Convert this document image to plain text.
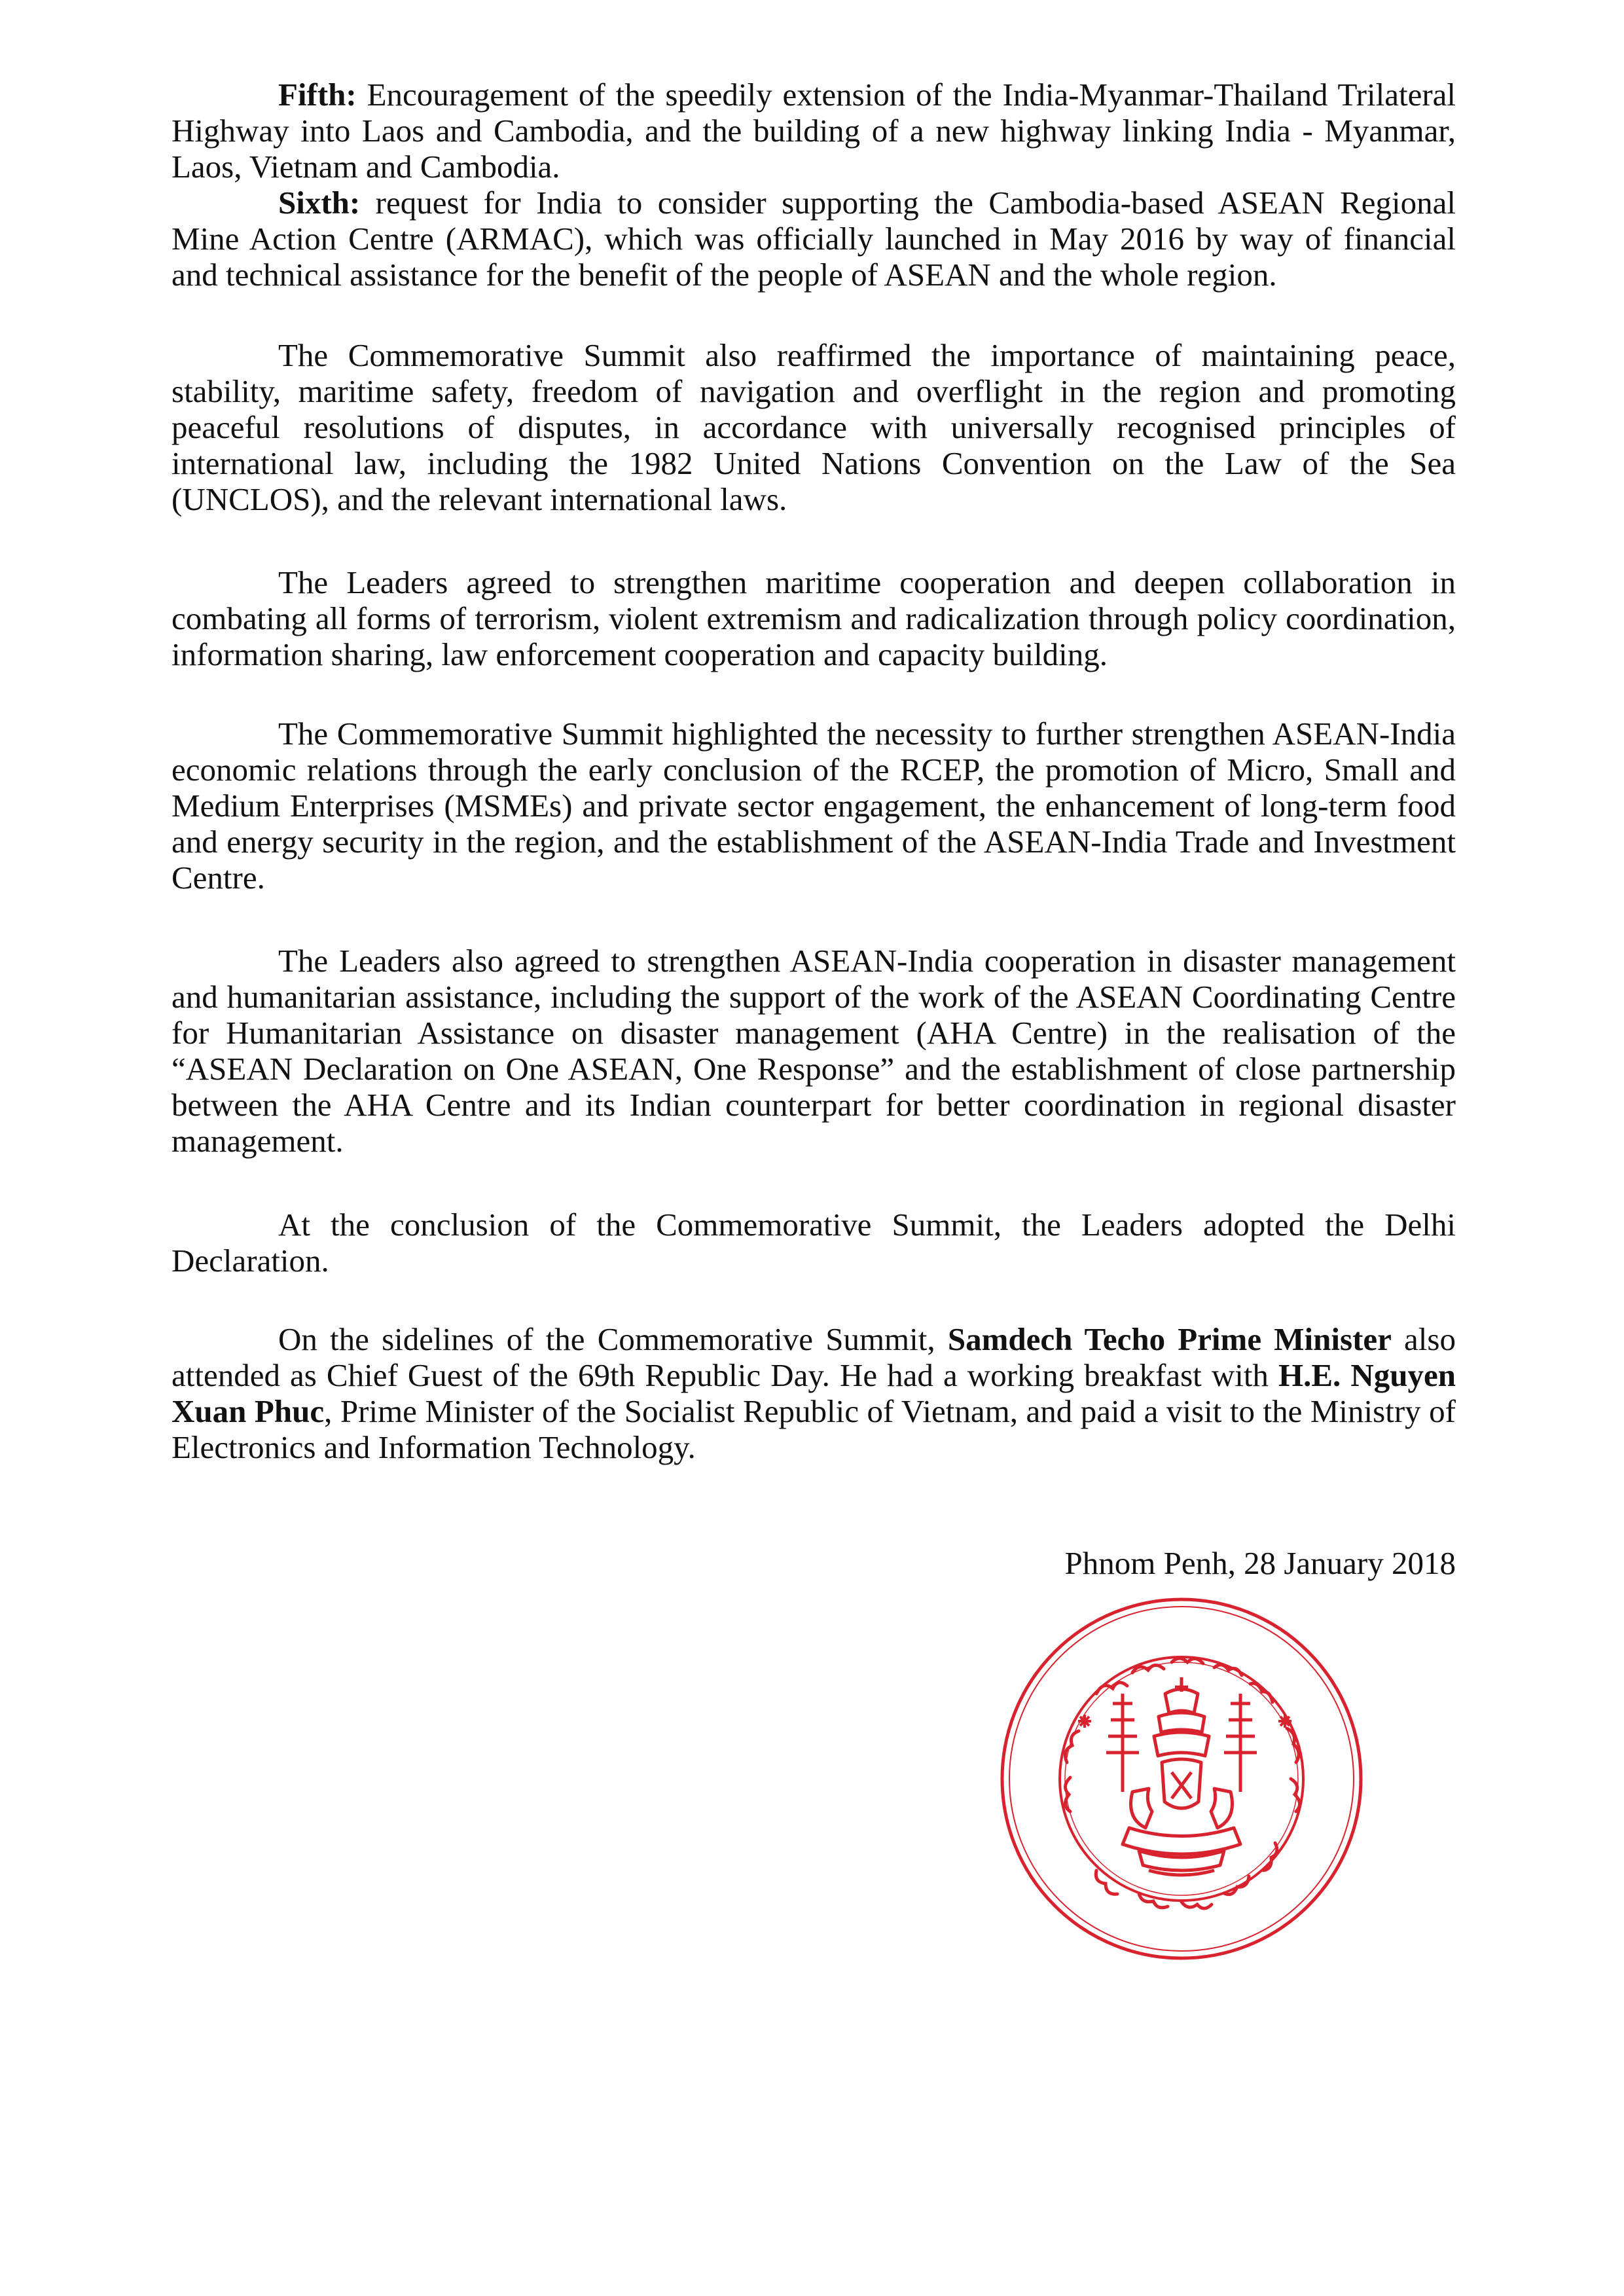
Fifth: Encouragement of the speedily extension of the India-Myanmar-Thailand Trilateral Highway into Laos and Cambodia, and the building of a new highway linking India - Myanmar, Laos, Vietnam and Cambodia.

Sixth: request for India to consider supporting the Cambodia-based ASEAN Regional Mine Action Centre (ARMAC), which was officially launched in May 2016 by way of financial and technical assistance for the benefit of the people of ASEAN and the whole region.

The Commemorative Summit also reaffirmed the importance of maintaining peace, stability, maritime safety, freedom of navigation and overflight in the region and promoting peaceful resolutions of disputes, in accordance with universally recognised principles of international law, including the 1982 United Nations Convention on the Law of the Sea (UNCLOS), and the relevant international laws.

The Leaders agreed to strengthen maritime cooperation and deepen collaboration in combating all forms of terrorism, violent extremism and radicalization through policy coordination, information sharing, law enforcement cooperation and capacity building.

The Commemorative Summit highlighted the necessity to further strengthen ASEAN-India economic relations through the early conclusion of the RCEP, the promotion of Micro, Small and Medium Enterprises (MSMEs) and private sector engagement, the enhancement of long-term food and energy security in the region, and the establishment of the ASEAN-India Trade and Investment Centre.

The Leaders also agreed to strengthen ASEAN-India cooperation in disaster management and humanitarian assistance, including the support of the work of the ASEAN Coordinating Centre for Humanitarian Assistance on disaster management (AHA Centre) in the realisation of the “ASEAN Declaration on One ASEAN, One Response” and the establishment of close partnership between the AHA Centre and its Indian counterpart for better coordination in regional disaster management.

At the conclusion of the Commemorative Summit, the Leaders adopted the Delhi Declaration.

On the sidelines of the Commemorative Summit, Samdech Techo Prime Minister also attended as Chief Guest of the 69th Republic Day. He had a working breakfast with H.E. Nguyen Xuan Phuc, Prime Minister of the Socialist Republic of Vietnam, and paid a visit to the Ministry of Electronics and Information Technology.

Phnom Penh, 28 January 2018
